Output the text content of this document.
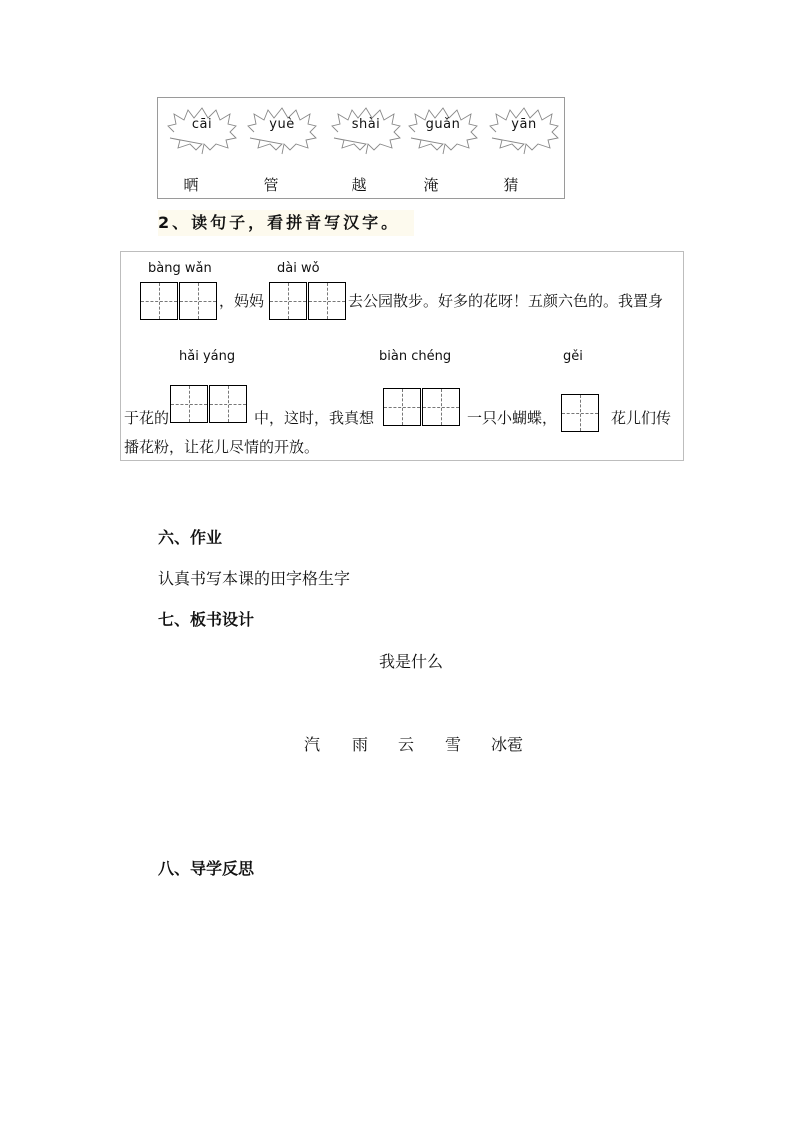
cāi	yuè	shài	guǎn	yān
晒	管	越	淹	猜
2、读句子，看拼音写汉字。
bàng wǎn	dài wǒ
，妈妈	去公园散步。好多的花呀！五颜六色的。我置身
hǎi yáng	biàn chéng	gěi
于花的	中，这时，我真想	一只小蝴蝶，	花儿们传
播花粉，让花儿尽情的开放。
六、作业
认真书写本课的田字格生字
七、板书设计
我是什么
汽 雨 云 雪 冰雹
八、导学反思
